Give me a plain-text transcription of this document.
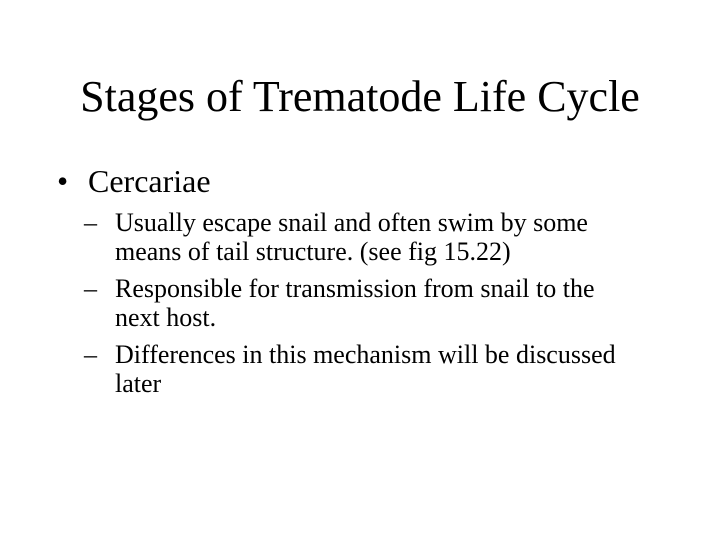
Stages of Trematode Life Cycle
• Cercariae
– Usually escape snail and often swim by some
means of tail structure. (see fig 15.22)
– Responsible for transmission from snail to the
next host.
– Differences in this mechanism will be discussed
later
